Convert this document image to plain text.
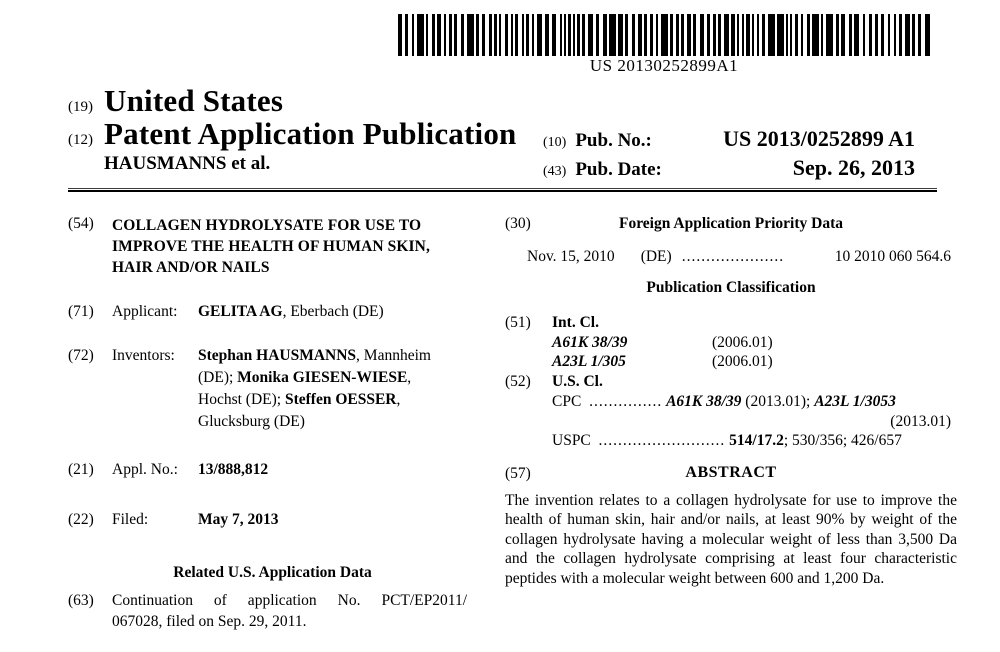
US 20130252899A1
(19) United States
(12) Patent Application Publication
HAUSMANNS et al.
(10) Pub. No.:	US 2013/0252899 A1
(43) Pub. Date:	Sep. 26, 2013
(54)	COLLAGEN HYDROLYSATE FOR USE TO
IMPROVE THE HEALTH OF HUMAN SKIN,
HAIR AND/OR NAILS
(71)	Applicant:	GELITA AG, Eberbach (DE)
(72)	Inventors:	Stephan HAUSMANNS, Mannheim (DE); Monika GIESEN-WIESE, Hochst (DE); Steffen OESSER, Glucksburg (DE)
(21)	Appl. No.:	13/888,812
(22)	Filed:	May 7, 2013
Related U.S. Application Data
(63)	Continuation of application No. PCT/EP2011/
067028, filed on Sep. 29, 2011.
(30)	Foreign Application Priority Data
Nov. 15, 2010 (DE) .....................	10 2010 060 564.6
Publication Classification
(51)	Int. Cl.
A61K 38/39	(2006.01)
A23L 1/305	(2006.01)
(52)	U.S. Cl.
CPC ............... A61K 38/39 (2013.01); A23L 1/3053
(2013.01)
USPC .......................... 514/17.2; 530/356; 426/657
(57)	ABSTRACT
The invention relates to a collagen hydrolysate for use to improve the health of human skin, hair and/or nails, at least 90% by weight of the collagen hydrolysate having a molecular weight of less than 3,500 Da and the collagen hydrolysate comprising at least four characteristic peptides with a molecular weight between 600 and 1,200 Da.
